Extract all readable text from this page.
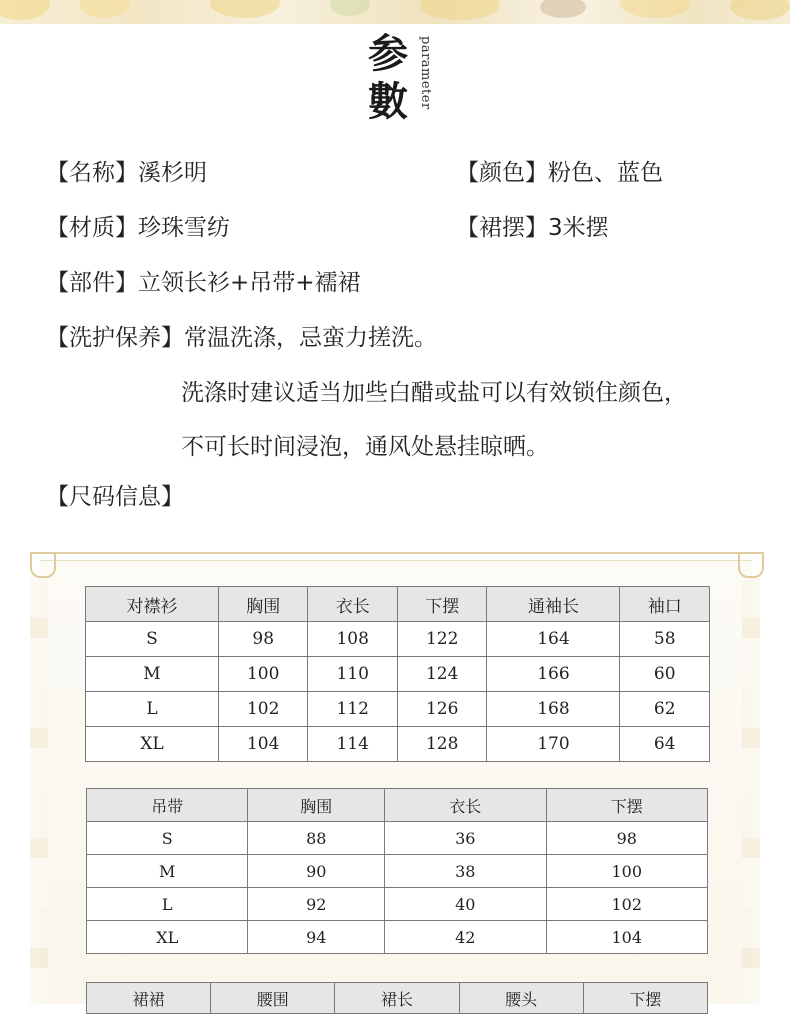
参
數 parameter
【名称】溪杉明	【颜色】粉色、蓝色
【材质】珍珠雪纺	【裙摆】3米摆
【部件】立领长衫+吊带+襦裙
【洗护保养】常温洗涤，忌蛮力搓洗。
洗涤时建议适当加些白醋或盐可以有效锁住颜色，
不可长时间浸泡，通风处悬挂晾晒。
【尺码信息】
对襟衫	胸围	衣长	下摆	通袖长	袖口
S	98	108	122	164	58
M	100	110	124	166	60
L	102	112	126	168	62
XL	104	114	128	170	64
吊带	胸围	衣长	下摆
S	88	36	98
M	90	38	100
L	92	40	102
XL	94	42	104
裙裙	腰围	裙长	腰头	下摆
